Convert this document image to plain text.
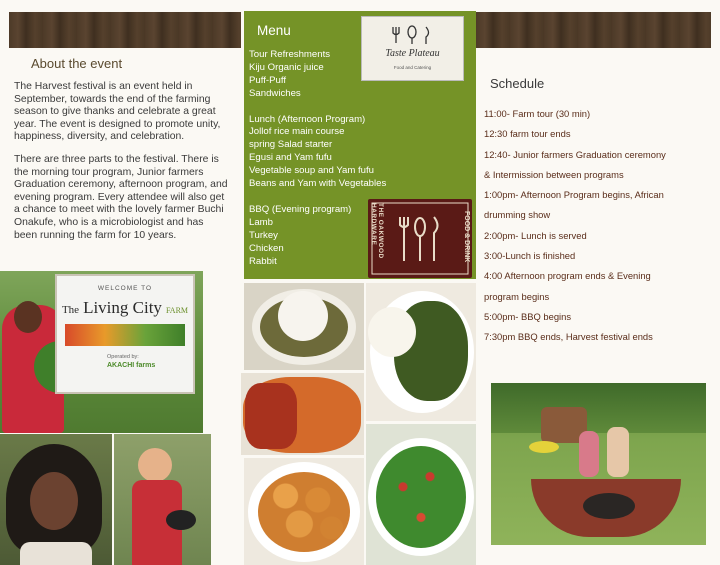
About the event

The Harvest festival is an event held in September, towards the end of the farming season to give thanks and celebrate a great year. The event is designed to promote unity, happiness, diversity, and celebration.

There are three parts to the festival. There is the morning tour program, Junior farmers Graduation ceremony, afternoon program, and evening program. Every attendee will also get a chance to meet with the lovely farmer Buchi Onakufe, who is a microbiologist and has been running the farm for 10 years.

WELCOME TO
The Living City FARM
Operated by:
AKACHI farms
Menu

Tour Refreshments
Kiju Organic juice
Puff-Puff
Sandwiches

Lunch (Afternoon Program)
Jollof rice main course
spring Salad starter
Egusi and Yam fufu
Vegetable soup and Yam fufu
Beans and Yam with Vegetables

BBQ (Evening program)
Lamb
Turkey
Chicken
Rabbit

Taste Plateau
Food and Catering
THE OAKWOOD HARDWARE	FOOD & DRINK
Schedule

11:00- Farm tour (30 min)

12:30 farm tour ends

12:40- Junior farmers Graduation ceremony

& Intermission between programs

1:00pm- Afternoon Program begins, African

drumming show

2:00pm- Lunch is served

3:00-Lunch is finished

4:00 Afternoon program ends & Evening

program begins

5:00pm- BBQ begins

7:30pm BBQ ends, Harvest festival ends
